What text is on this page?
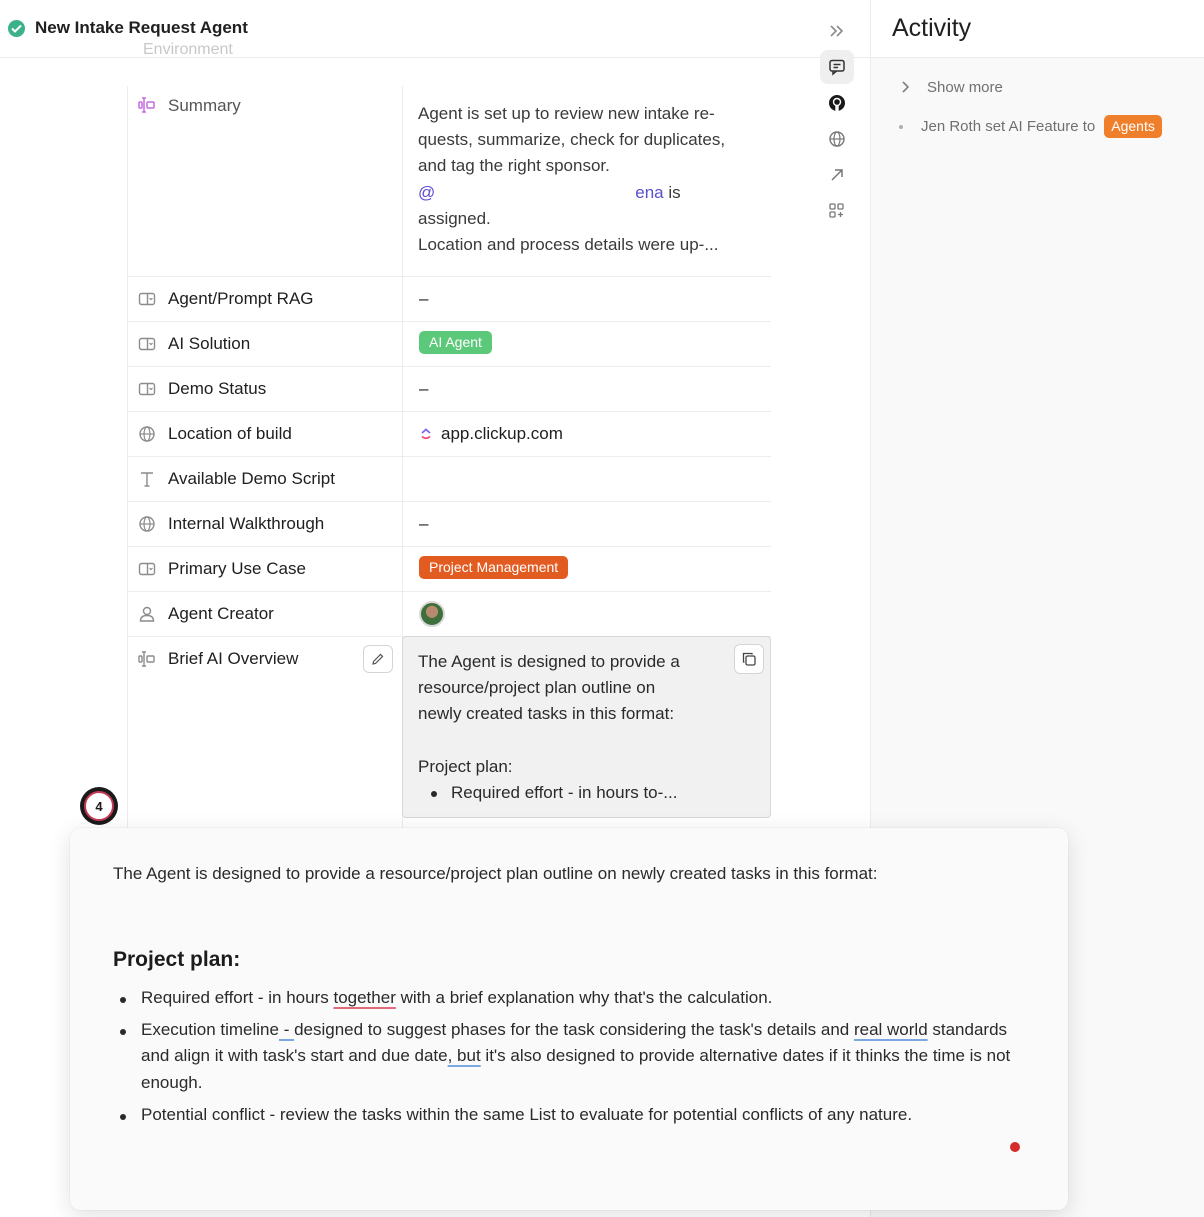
New Intake Request Agent	Activity
Show more
Jen Roth set AI Feature to	Agents
Environment
Summary	Agent is set up to review new intake re-
quests, summarize, check for duplicates,
and tag the right sponsor.
@	ena is
assigned.
Location and process details were up-...
Agent/Prompt RAG	–
AI Solution	AI Agent
Demo Status	–
Location of build	app.clickup.com
Available Demo Script
Internal Walkthrough	–
Primary Use Case	Project Management
Agent Creator
Brief AI Overview	The Agent is designed to provide a
resource/project plan outline on
newly created tasks in this format:
Project plan:
Required effort - in hours to-...
4
The Agent is designed to provide a resource/project plan outline on newly created tasks in this format:
Project plan:
Required effort - in hours together with a brief explanation why that's the calculation.
Execution timeline - designed to suggest phases for the task considering the task's details and real world standards and align it with task's start and due date, but it's also designed to provide alternative dates if it thinks the time is not enough.
Potential conflict - review the tasks within the same List to evaluate for potential conflicts of any nature.
